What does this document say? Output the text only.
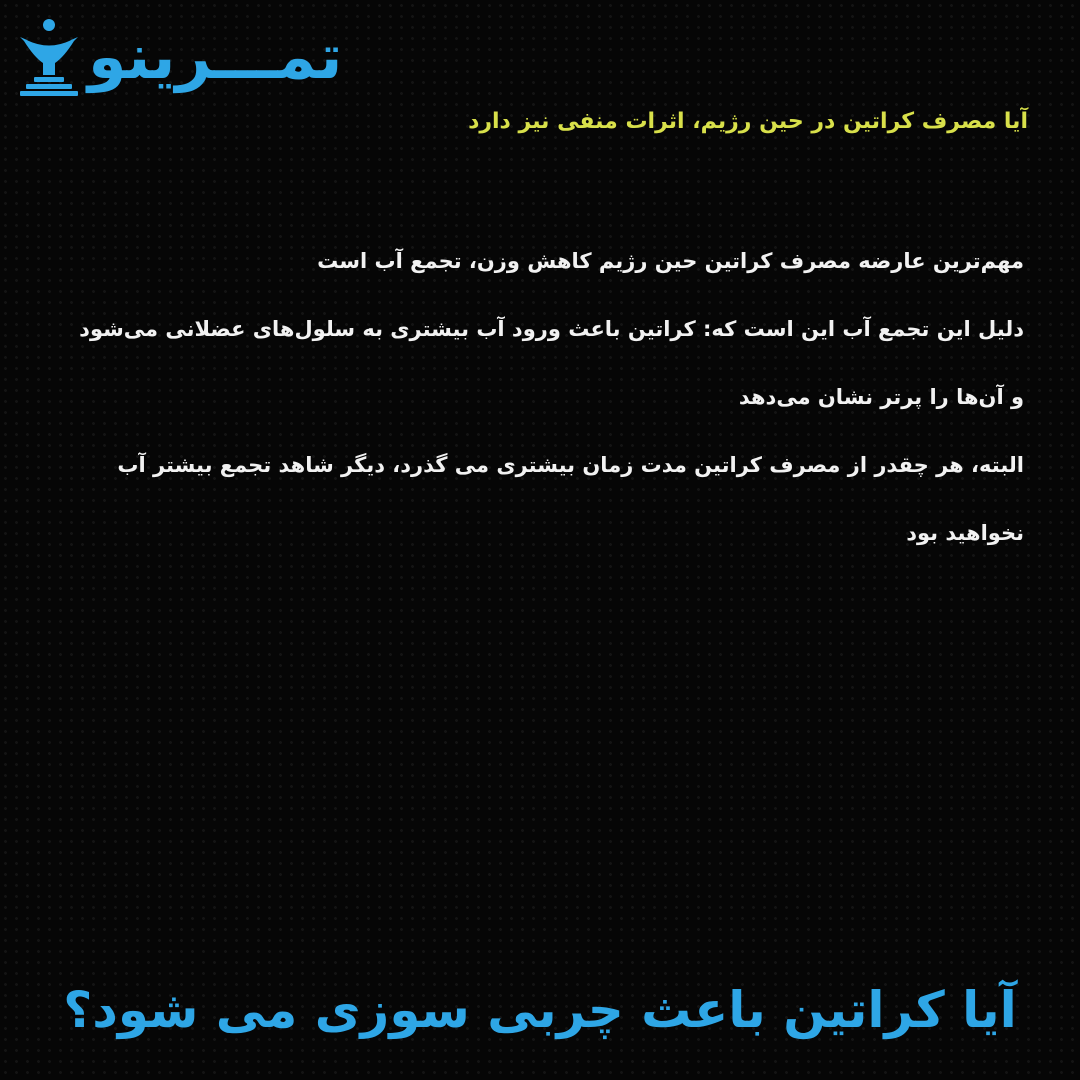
تمـــرینو
آیا مصرف کراتین در حین رژیم، اثرات منفی نیز دارد

مهم‌ترین عارضه مصرف کراتین حین رژیم کاهش وزن، تجمع آب است

دلیل این تجمع آب این است که: کراتین باعث ورود آب بیشتری به سلول‌های عضلانی می‌شود و آن‌ها را پرتر نشان می‌دهد

البته، هر چقدر از مصرف کراتین مدت زمان بیشتری می گذرد، دیگر شاهد تجمع بیشتر آب نخواهید بود

آیا کراتین باعث چربی سوزی می شود؟
